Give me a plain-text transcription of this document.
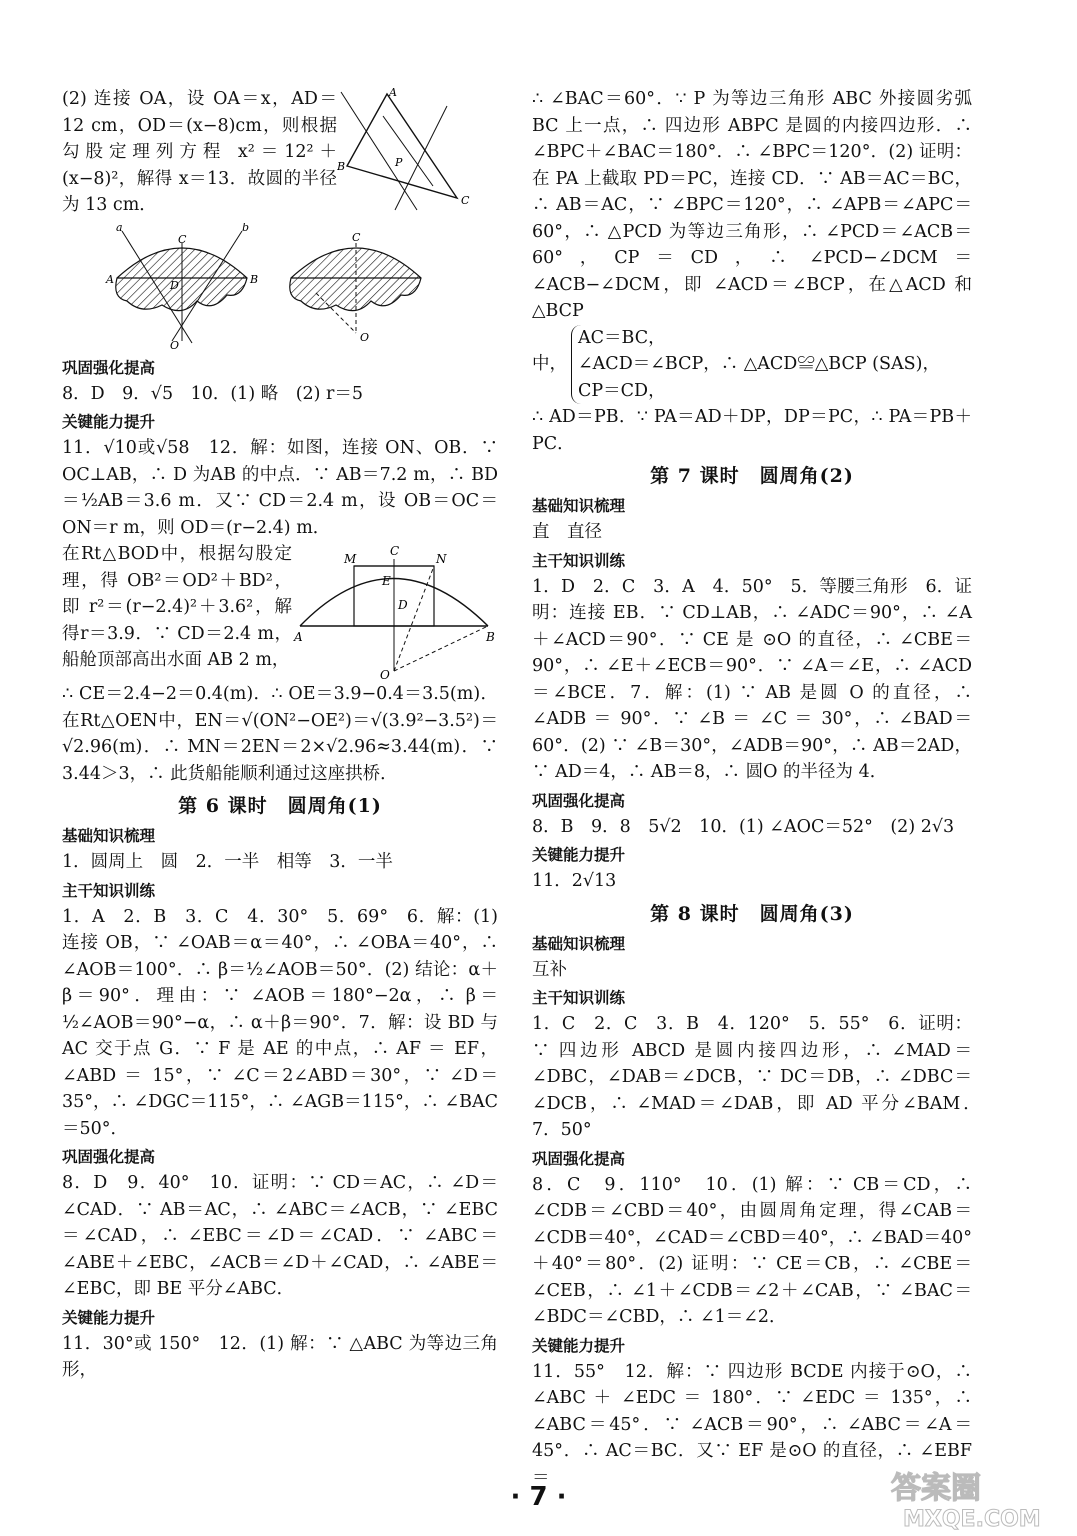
(2) 连接 OA，设 OA＝x，AD＝12 cm，OD＝(x−8)cm，则根据勾股定理列方程 x²＝12²＋(x−8)²，解得 x＝13．故圆的半径为 13 cm．

A
B
C
P
a	b
C
A	D	B
O
C
O
巩固强化提高

8．D　9．√5　10．(1) 略　(2) r＝5

关键能力提升

11．√10或√58　12．解：如图，连接 ON、OB．∵ OC⊥AB，∴ D 为AB 的中点．∵ AB＝7.2 m，∴ BD＝½AB＝3.6 m．又∵ CD＝2.4 m，设 OB＝OC＝ON＝r m，则 OD＝(r−2.4) m．

在Rt△BOD中，根据勾股定理，得 OB²＝OD²＋BD²，即 r²＝(r−2.4)²＋3.6²，解得r＝3.9．∵ CD＝2.4 m，船舱顶部高出水面 AB 2 m，

M
C
N
E
D
A	B
O

∴ CE＝2.4−2＝0.4(m)．∴ OE＝3.9−0.4＝3.5(m)．在Rt△OEN中，EN＝√(ON²−OE²)＝√(3.9²−3.5²)＝√2.96(m)．∴ MN＝2EN＝2×√2.96≈3.44(m)．∵ 3.44＞3，∴ 此货船能顺利通过这座拱桥．

第 6 课时　圆周角(1)
基础知识梳理

1．圆周上　圆　2．一半　相等　3．一半

主干知识训练

1．A　2．B　3．C　4．30°　5．69°　6．解：(1) 连接 OB，∵ ∠OAB＝α＝40°，∴ ∠OBA＝40°，∴ ∠AOB＝100°．∴ β＝½∠AOB＝50°．(2) 结论：α＋β＝90°．理由：∵ ∠AOB＝180°−2α，∴ β＝½∠AOB＝90°−α，∴ α＋β＝90°．7．解：设 BD 与 AC 交于点 G．∵ F 是 AE 的中点，∴ AF ＝ EF，∠ABD ＝ 15°，∵ ∠C＝2∠ABD＝30°，∵ ∠D＝35°，∴ ∠DGC＝115°，∴ ∠AGB＝115°，∴ ∠BAC＝50°．

巩固强化提高

8．D　9．40°　10．证明：∵ CD＝AC，∴ ∠D＝∠CAD．∵ AB＝AC，∴ ∠ABC＝∠ACB，∵ ∠EBC＝∠CAD，∴ ∠EBC＝∠D＝∠CAD．∵ ∠ABC＝∠ABE＋∠EBC，∠ACB＝∠D＋∠CAD，∴ ∠ABE＝∠EBC，即 BE 平分∠ABC．

关键能力提升

11．30°或 150°　12．(1) 解：∵ △ABC 为等边三角形，

∴ ∠BAC＝60°．∵ P 为等边三角形 ABC 外接圆劣弧 BC 上一点，∴ 四边形 ABPC 是圆的内接四边形．∴ ∠BPC＋∠BAC＝180°．∴ ∠BPC＝120°．(2) 证明：在 PA 上截取 PD＝PC，连接 CD．∵ AB＝AC＝BC，∴ AB＝AC，∵ ∠BPC＝120°，∴ ∠APB＝∠APC＝60°，∴ △PCD 为等边三角形，∴ ∠PCD＝∠ACB＝60°，CP＝CD，∴ ∠PCD−∠DCM＝∠ACB−∠DCM，即 ∠ACD＝∠BCP，在△ACD 和△BCP

中，
AC＝BC，
∠ACD＝∠BCP，∴ △ACD≌△BCP (SAS)，
CP＝CD，

∴ AD＝PB．∵ PA＝AD＋DP，DP＝PC，∴ PA＝PB＋PC．

第 7 课时　圆周角(2)
基础知识梳理

直　直径

主干知识训练

1．D　2．C　3．A　4．50°　5．等腰三角形　6．证明：连接 EB．∵ CD⊥AB，∴ ∠ADC＝90°，∴ ∠A＋∠ACD＝90°．∵ CE 是 ⊙O 的直径，∴ ∠CBE＝90°，∴ ∠E＋∠ECB＝90°．∵ ∠A＝∠E，∴ ∠ACD＝∠BCE．7．解：(1) ∵ AB 是圆 O 的直径，∴ ∠ADB ＝ 90°．∵ ∠B ＝ ∠C ＝ 30°，∴ ∠BAD＝60°．(2) ∵ ∠B＝30°，∠ADB＝90°，∴ AB＝2AD，∵ AD＝4，∴ AB＝8，∴ 圆O 的半径为 4．

巩固强化提高

8．B　9．8　5√2　10．(1) ∠AOC＝52°　(2) 2√3

关键能力提升

11．2√13

第 8 课时　圆周角(3)
基础知识梳理

互补

主干知识训练

1．C　2．C　3．B　4．120°　5．55°　6．证明：∵ 四边形 ABCD 是圆内接四边形，∴ ∠MAD＝∠DBC，∠DAB＝∠DCB，∵ DC＝DB，∴ ∠DBC＝∠DCB，∴ ∠MAD＝∠DAB，即 AD 平分∠BAM．　7．50°

巩固强化提高

8．C　9．110°　10．(1) 解：∵ CB＝CD，∴ ∠CDB＝∠CBD＝40°，由圆周角定理，得∠CAB＝∠CDB＝40°，∠CAD＝∠CBD＝40°，∴ ∠BAD＝40°＋40°＝80°．(2) 证明：∵ CE＝CB，∴ ∠CBE＝∠CEB，∴ ∠1＋∠CDB＝∠2＋∠CAB，∵ ∠BAC＝∠BDC＝∠CBD，∴ ∠1＝∠2．

关键能力提升

11．55°　12．解：∵ 四边形 BCDE 内接于⊙O，∴ ∠ABC ＋ ∠EDC ＝ 180°．∵ ∠EDC ＝ 135°，∴ ∠ABC＝45°．∵ ∠ACB＝90°，∴ ∠ABC＝∠A＝45°．∴ AC＝BC．又∵ EF 是⊙O 的直径，∴ ∠EBF＝

· 7 ·	答案圈
MXQE.COM
